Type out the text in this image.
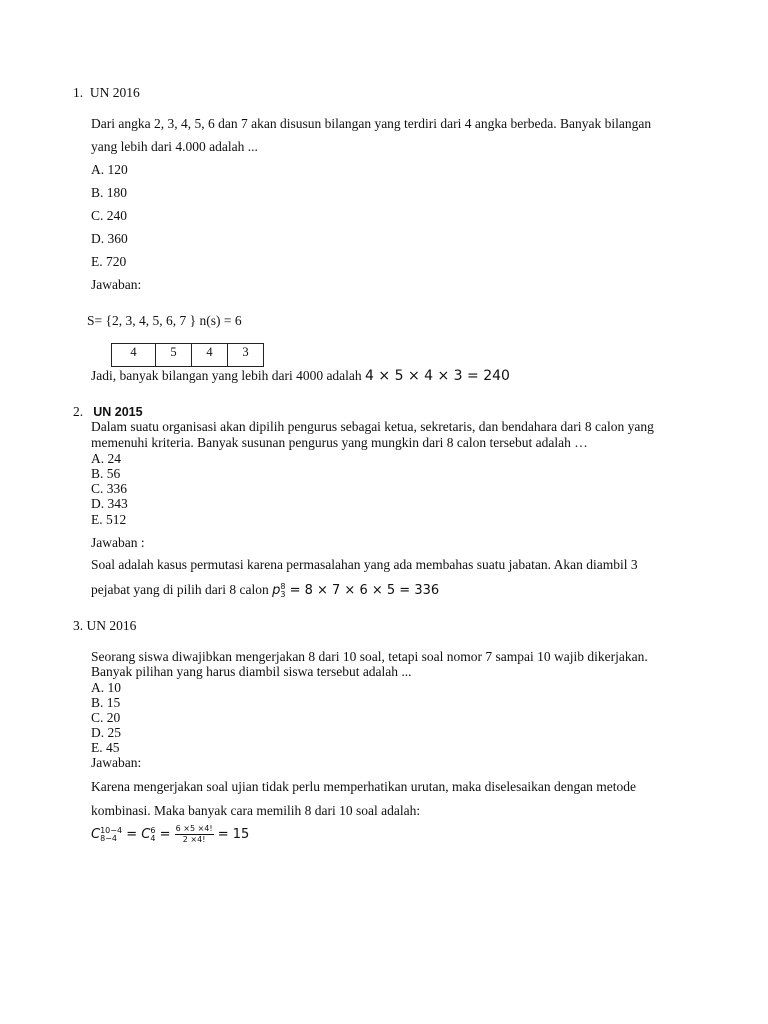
1. UN 2016
Dari angka 2, 3, 4, 5, 6 dan 7 akan disusun bilangan yang terdiri dari 4 angka berbeda. Banyak bilangan
yang lebih dari 4.000 adalah ...
A. 120
B. 180
C. 240
D. 360
E. 720
Jawaban:
S= {2, 3, 4, 5, 6, 7 } n(s) = 6
4	5	4	3
Jadi, banyak bilangan yang lebih dari 4000 adalah 4 × 5 × 4 × 3 = 240
2. UN 2015
Dalam suatu organisasi akan dipilih pengurus sebagai ketua, sekretaris, dan bendahara dari 8 calon yang
memenuhi kriteria. Banyak susunan pengurus yang mungkin dari 8 calon tersebut adalah …
A. 24
B. 56
C. 336
D. 343
E. 512
Jawaban :
Soal adalah kasus permutasi karena permasalahan yang ada membahas suatu jabatan. Akan diambil 3
pejabat yang di pilih dari 8 calon p 8
3 = 8 × 7 × 6 × 5 = 336
3. UN 2016
Seorang siswa diwajibkan mengerjakan 8 dari 10 soal, tetapi soal nomor 7 sampai 10 wajib dikerjakan.
Banyak pilihan yang harus diambil siswa tersebut adalah ...
A. 10
B. 15
C. 20
D. 25
E. 45
Jawaban:
Karena mengerjakan soal ujian tidak perlu memperhatikan urutan, maka diselesaikan dengan metode
kombinasi. Maka banyak cara memilih 8 dari 10 soal adalah:
C 10−4
8−4 = C 6
$4 = \frac{6 \times 5 \times 4!}{2 \times 4!} = 15$
